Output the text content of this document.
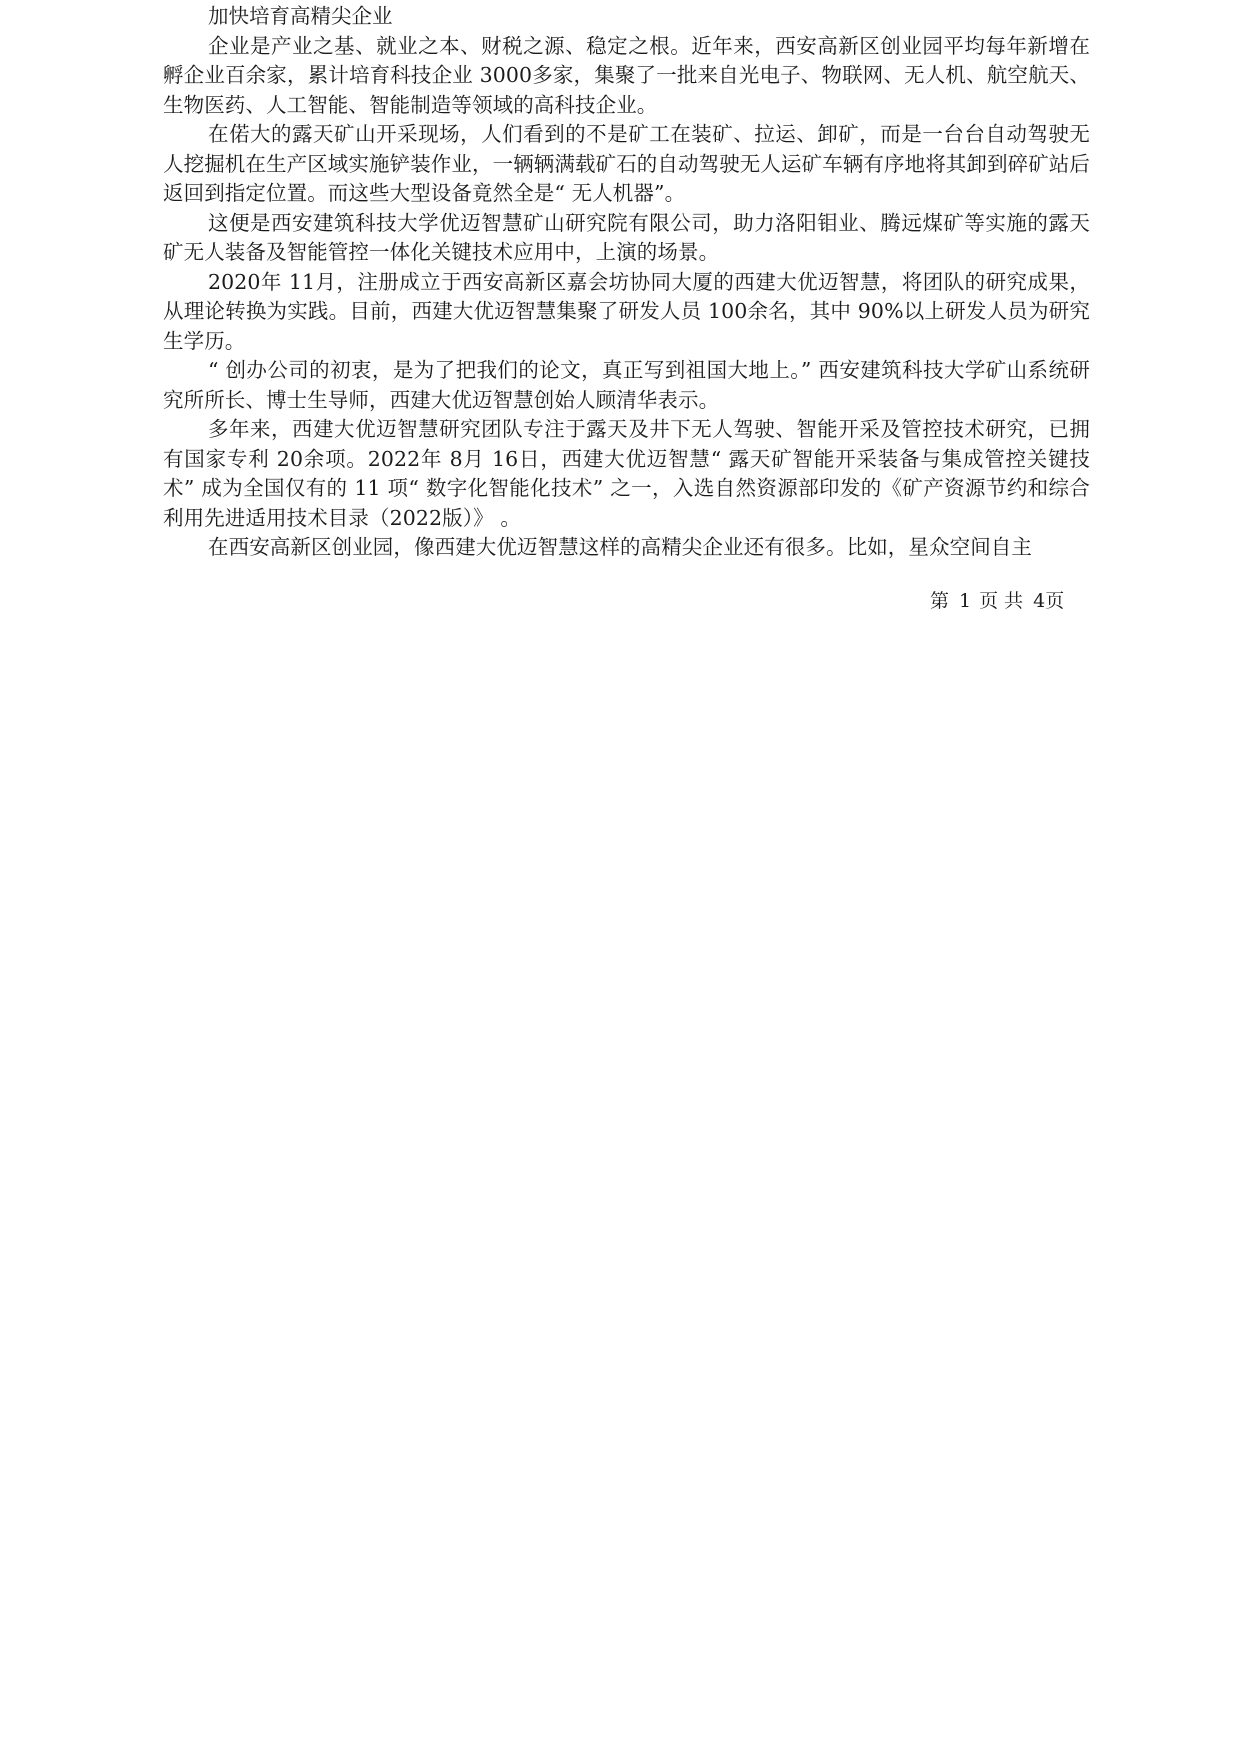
加快培育高精尖企业

企业是产业之基、就业之本、财税之源、稳定之根。近年来，西安高新区创业园平均每年新增在孵企业百余家，累计培育科技企业 3000多家，集聚了一批来自光电子、物联网、无人机、航空航天、生物医药、人工智能、智能制造等领域的高科技企业。

在偌大的露天矿山开采现场，人们看到的不是矿工在装矿、拉运、卸矿，而是一台台自动驾驶无人挖掘机在生产区域实施铲装作业，一辆辆满载矿石的自动驾驶无人运矿车辆有序地将其卸到碎矿站后返回到指定位置。而这些大型设备竟然全是“ 无人机器”。

这便是西安建筑科技大学优迈智慧矿山研究院有限公司，助力洛阳钼业、腾远煤矿等实施的露天矿无人装备及智能管控一体化关键技术应用中，上演的场景。

2020年 11月，注册成立于西安高新区嘉会坊协同大厦的西建大优迈智慧，将团队的研究成果，从理论转换为实践。目前，西建大优迈智慧集聚了研发人员 100余名，其中 90%以上研发人员为研究生学历。

“ 创办公司的初衷，是为了把我们的论文，真正写到祖国大地上。” 西安建筑科技大学矿山系统研究所所长、博士生导师，西建大优迈智慧创始人顾清华表示。

多年来，西建大优迈智慧研究团队专注于露天及井下无人驾驶、智能开采及管控技术研究，已拥有国家专利 20余项。2022年 8月 16日，西建大优迈智慧“ 露天矿智能开采装备与集成管控关键技术” 成为全国仅有的 11 项“ 数字化智能化技术” 之一，入选自然资源部印发的《矿产资源节约和综合利用先进适用技术目录（2022版）》 。

在西安高新区创业园，像西建大优迈智慧这样的高精尖企业还有很多。比如，星众空间自主

第 1 页 共 4页
